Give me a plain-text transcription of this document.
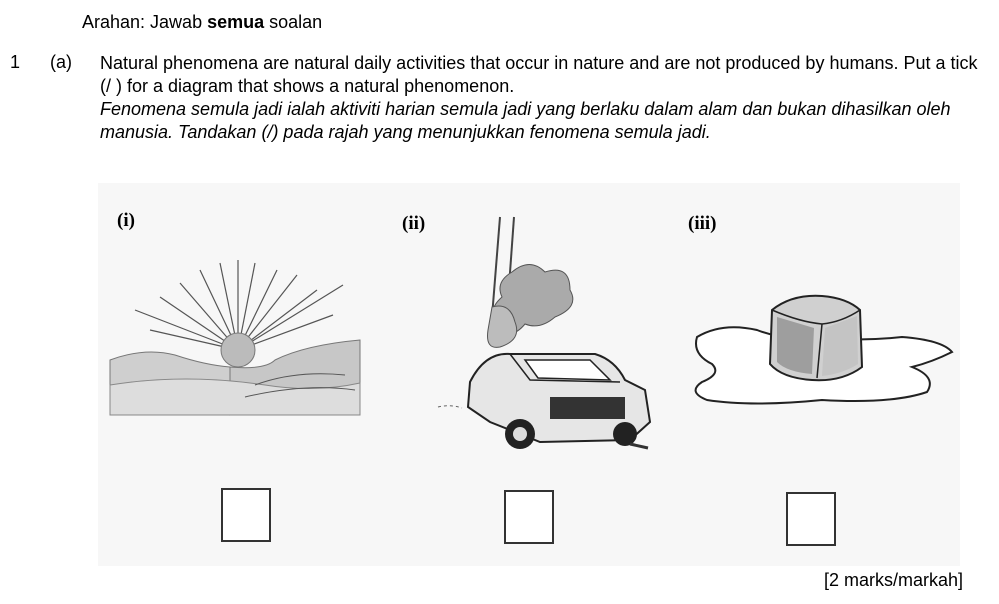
Arahan: Jawab semua soalan
1 (a) Natural phenomena are natural daily activities that occur in nature and are not produced by humans. Put a tick (/ ) for a diagram that shows a natural phenomenon.
Fenomena semula jadi ialah aktiviti harian semula jadi yang berlaku dalam alam dan bukan dihasilkan oleh manusia. Tandakan (/) pada rajah yang menunjukkan fenomena semula jadi.
(i)	(ii)	(iii)
[2 marks/markah]
